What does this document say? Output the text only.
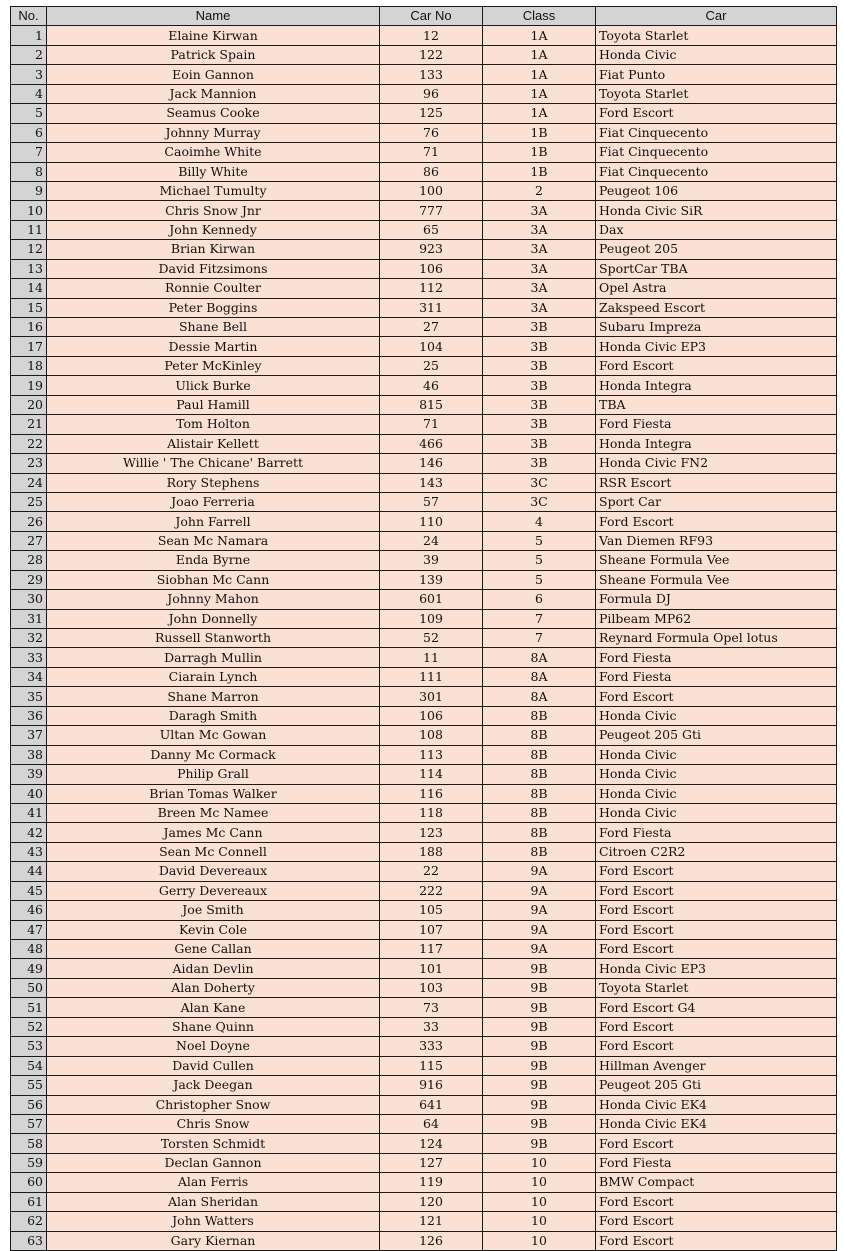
No.	Name	Car No	Class	Car
1	Elaine Kirwan	12	1A	Toyota Starlet
2	Patrick Spain	122	1A	Honda Civic
3	Eoin Gannon	133	1A	Fiat Punto
4	Jack Mannion	96	1A	Toyota Starlet
5	Seamus Cooke	125	1A	Ford Escort
6	Johnny Murray	76	1B	Fiat Cinquecento
7	Caoimhe White	71	1B	Fiat Cinquecento
8	Billy White	86	1B	Fiat Cinquecento
9	Michael Tumulty	100	2	Peugeot 106
10	Chris Snow Jnr	777	3A	Honda Civic SiR
11	John Kennedy	65	3A	Dax
12	Brian Kirwan	923	3A	Peugeot 205
13	David Fitzsimons	106	3A	SportCar TBA
14	Ronnie Coulter	112	3A	Opel Astra
15	Peter Boggins	311	3A	Zakspeed Escort
16	Shane Bell	27	3B	Subaru Impreza
17	Dessie Martin	104	3B	Honda Civic EP3
18	Peter McKinley	25	3B	Ford Escort
19	Ulick Burke	46	3B	Honda Integra
20	Paul Hamill	815	3B	TBA
21	Tom Holton	71	3B	Ford Fiesta
22	Alistair Kellett	466	3B	Honda Integra
23	Willie ' The Chicane' Barrett	146	3B	Honda Civic FN2
24	Rory Stephens	143	3C	RSR Escort
25	Joao Ferreria	57	3C	Sport Car
26	John Farrell	110	4	Ford Escort
27	Sean Mc Namara	24	5	Van Diemen RF93
28	Enda Byrne	39	5	Sheane Formula Vee
29	Siobhan Mc Cann	139	5	Sheane Formula Vee
30	Johnny Mahon	601	6	Formula DJ
31	John Donnelly	109	7	Pilbeam MP62
32	Russell Stanworth	52	7	Reynard Formula Opel lotus
33	Darragh Mullin	11	8A	Ford Fiesta
34	Ciarain Lynch	111	8A	Ford Fiesta
35	Shane Marron	301	8A	Ford Escort
36	Daragh Smith	106	8B	Honda Civic
37	Ultan Mc Gowan	108	8B	Peugeot 205 Gti
38	Danny Mc Cormack	113	8B	Honda Civic
39	Philip Grall	114	8B	Honda Civic
40	Brian Tomas Walker	116	8B	Honda Civic
41	Breen Mc Namee	118	8B	Honda Civic
42	James Mc Cann	123	8B	Ford Fiesta
43	Sean Mc Connell	188	8B	Citroen C2R2
44	David Devereaux	22	9A	Ford Escort
45	Gerry Devereaux	222	9A	Ford Escort
46	Joe Smith	105	9A	Ford Escort
47	Kevin Cole	107	9A	Ford Escort
48	Gene Callan	117	9A	Ford Escort
49	Aidan Devlin	101	9B	Honda Civic EP3
50	Alan Doherty	103	9B	Toyota Starlet
51	Alan Kane	73	9B	Ford Escort G4
52	Shane Quinn	33	9B	Ford Escort
53	Noel Doyne	333	9B	Ford Escort
54	David Cullen	115	9B	Hillman Avenger
55	Jack Deegan	916	9B	Peugeot 205 Gti
56	Christopher Snow	641	9B	Honda Civic EK4
57	Chris Snow	64	9B	Honda Civic EK4
58	Torsten Schmidt	124	9B	Ford Escort
59	Declan Gannon	127	10	Ford Fiesta
60	Alan Ferris	119	10	BMW Compact
61	Alan Sheridan	120	10	Ford Escort
62	John Watters	121	10	Ford Escort
63	Gary Kiernan	126	10	Ford Escort
